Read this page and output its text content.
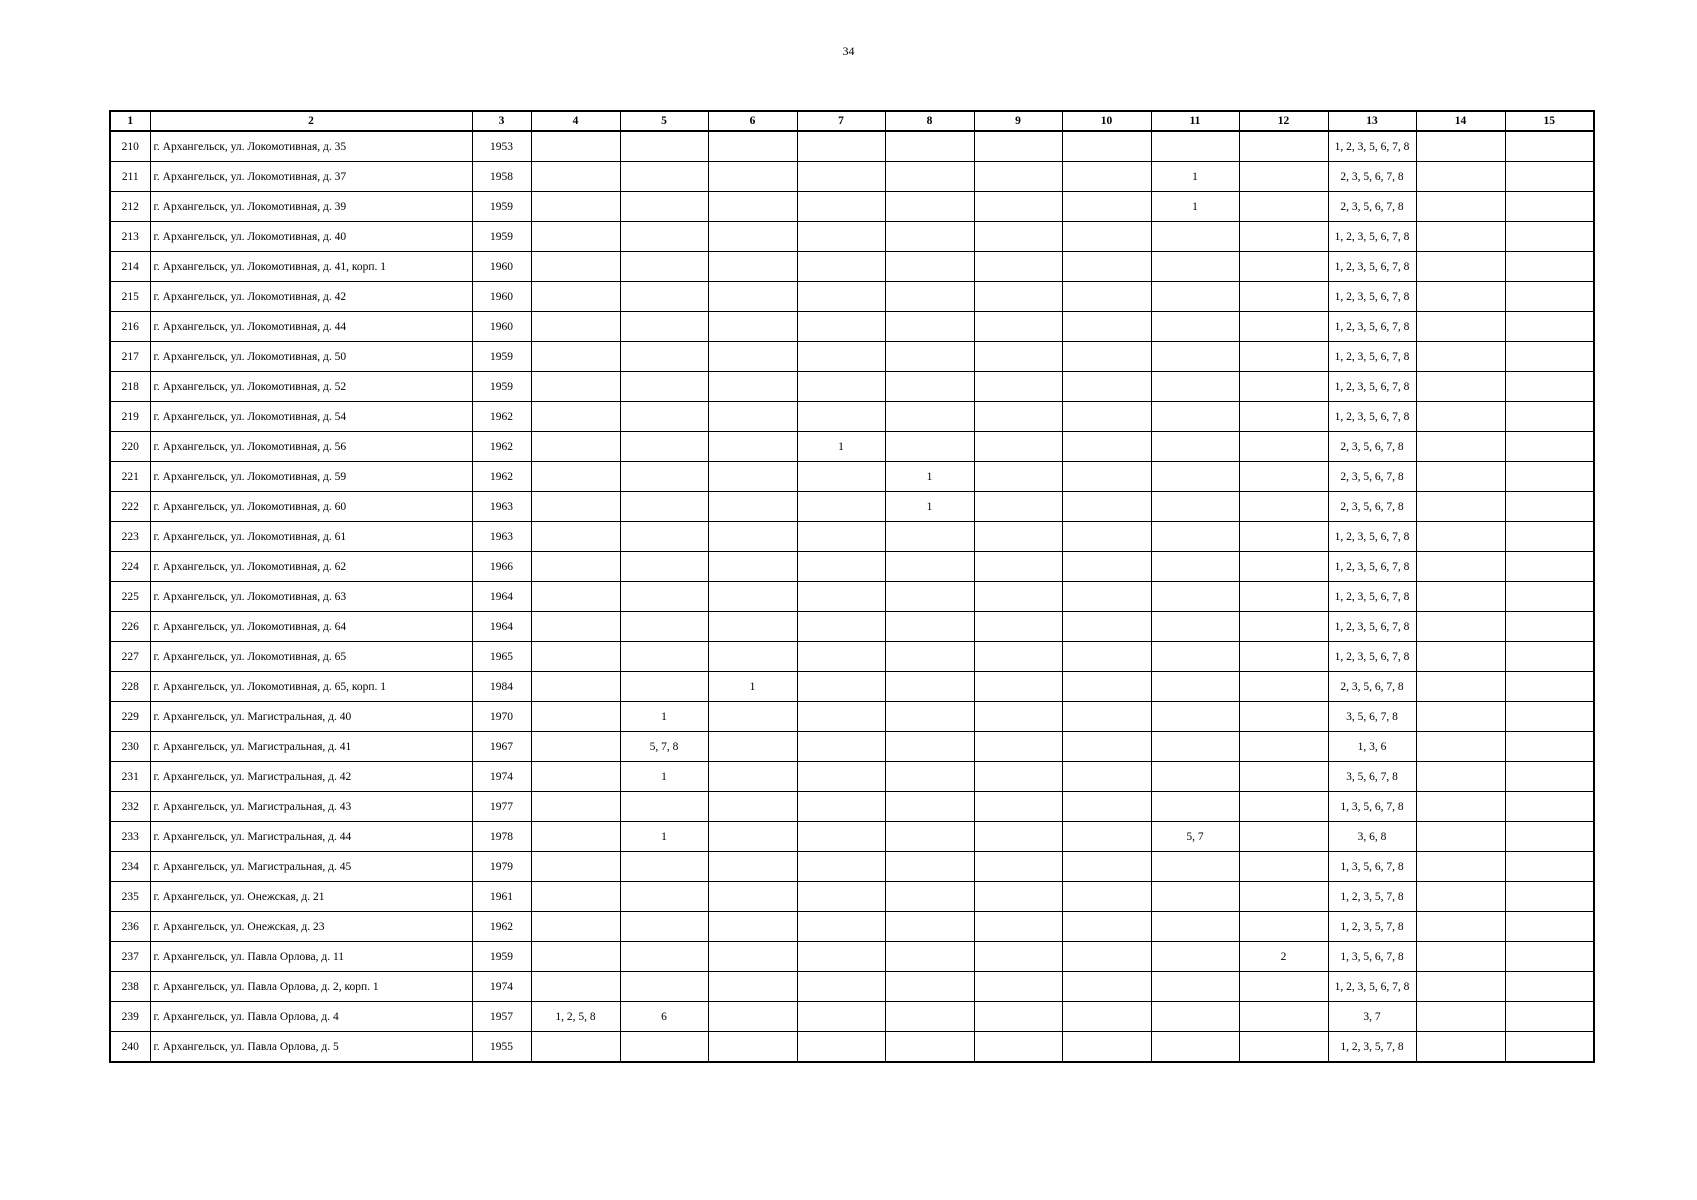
34
1	2	3	4	5	6	7	8	9	10	11	12	13	14	15
210	г. Архангельск, ул. Локомотивная, д. 35	1953										1, 2, 3, 5, 6, 7, 8		
211	г. Архангельск, ул. Локомотивная, д. 37	1958								1		2, 3, 5, 6, 7, 8		
212	г. Архангельск, ул. Локомотивная, д. 39	1959								1		2, 3, 5, 6, 7, 8		
213	г. Архангельск, ул. Локомотивная, д. 40	1959										1, 2, 3, 5, 6, 7, 8		
214	г. Архангельск, ул. Локомотивная, д. 41, корп. 1	1960										1, 2, 3, 5, 6, 7, 8		
215	г. Архангельск, ул. Локомотивная, д. 42	1960										1, 2, 3, 5, 6, 7, 8		
216	г. Архангельск, ул. Локомотивная, д. 44	1960										1, 2, 3, 5, 6, 7, 8		
217	г. Архангельск, ул. Локомотивная, д. 50	1959										1, 2, 3, 5, 6, 7, 8		
218	г. Архангельск, ул. Локомотивная, д. 52	1959										1, 2, 3, 5, 6, 7, 8		
219	г. Архангельск, ул. Локомотивная, д. 54	1962										1, 2, 3, 5, 6, 7, 8		
220	г. Архангельск, ул. Локомотивная, д. 56	1962				1						2, 3, 5, 6, 7, 8		
221	г. Архангельск, ул. Локомотивная, д. 59	1962					1					2, 3, 5, 6, 7, 8		
222	г. Архангельск, ул. Локомотивная, д. 60	1963					1					2, 3, 5, 6, 7, 8		
223	г. Архангельск, ул. Локомотивная, д. 61	1963										1, 2, 3, 5, 6, 7, 8		
224	г. Архангельск, ул. Локомотивная, д. 62	1966										1, 2, 3, 5, 6, 7, 8		
225	г. Архангельск, ул. Локомотивная, д. 63	1964										1, 2, 3, 5, 6, 7, 8		
226	г. Архангельск, ул. Локомотивная, д. 64	1964										1, 2, 3, 5, 6, 7, 8		
227	г. Архангельск, ул. Локомотивная, д. 65	1965										1, 2, 3, 5, 6, 7, 8		
228	г. Архангельск, ул. Локомотивная, д. 65, корп. 1	1984			1							2, 3, 5, 6, 7, 8		
229	г. Архангельск, ул. Магистральная, д. 40	1970		1								3, 5, 6, 7, 8		
230	г. Архангельск, ул. Магистральная, д. 41	1967		5, 7, 8								1, 3, 6		
231	г. Архангельск, ул. Магистральная, д. 42	1974		1								3, 5, 6, 7, 8		
232	г. Архангельск, ул. Магистральная, д. 43	1977										1, 3, 5, 6, 7, 8		
233	г. Архангельск, ул. Магистральная, д. 44	1978		1						5, 7		3, 6, 8		
234	г. Архангельск, ул. Магистральная, д. 45	1979										1, 3, 5, 6, 7, 8		
235	г. Архангельск, ул. Онежская, д. 21	1961										1, 2, 3, 5, 7, 8		
236	г. Архангельск, ул. Онежская, д. 23	1962										1, 2, 3, 5, 7, 8		
237	г. Архангельск, ул. Павла Орлова, д. 11	1959									2	1, 3, 5, 6, 7, 8		
238	г. Архангельск, ул. Павла Орлова, д. 2, корп. 1	1974										1, 2, 3, 5, 6, 7, 8		
239	г. Архангельск, ул. Павла Орлова, д. 4	1957	1, 2, 5, 8	6								3, 7		
240	г. Архангельск, ул. Павла Орлова, д. 5	1955										1, 2, 3, 5, 7, 8		
